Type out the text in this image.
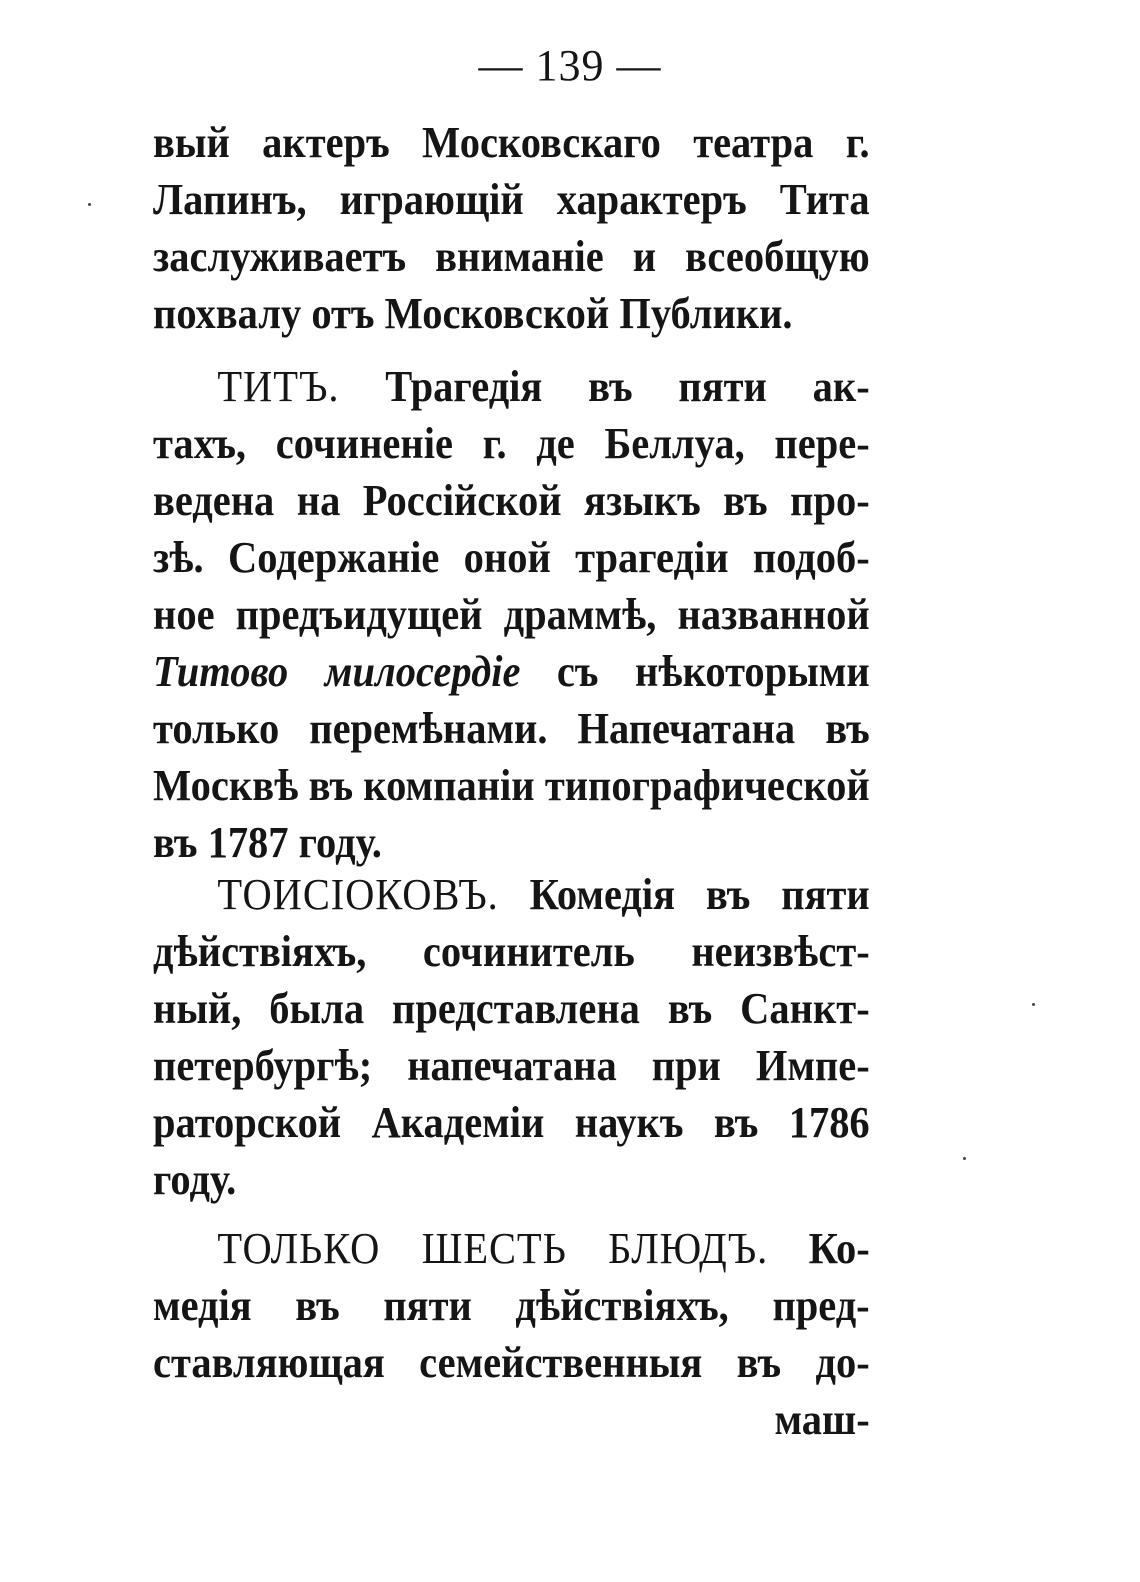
— 139 —
вый актеръ Московскаго театра г.
Лапинъ, играющій характеръ Тита
заслуживаетъ вниманіе и всеобщую
похвалу отъ Московской Публики.
ТИТЪ. Трагедія въ пяти ак-
тахъ, сочиненіе г. де Беллуа, пере-
ведена на Россійской языкъ въ про-
зѣ. Содержаніе оной трагедіи подоб-
ное предъидущей драммѣ, названной
Титово милосердіе съ нѣкоторыми
только перемѣнами. Напечатана въ
Москвѣ въ компаніи типографической
въ 1787 году.
ТОИСІОКОВЪ. Комедія въ пяти
дѣйствіяхъ, сочинитель неизвѣст-
ный, была представлена въ Санкт-
петербургѣ; напечатана при Импе-
раторской Академіи наукъ въ 1786
году.
ТОЛЬКО ШЕСТЬ БЛЮДЪ. Ко-
медія въ пяти дѣйствіяхъ, пред-
ставляющая семейственныя въ до-
маш-
